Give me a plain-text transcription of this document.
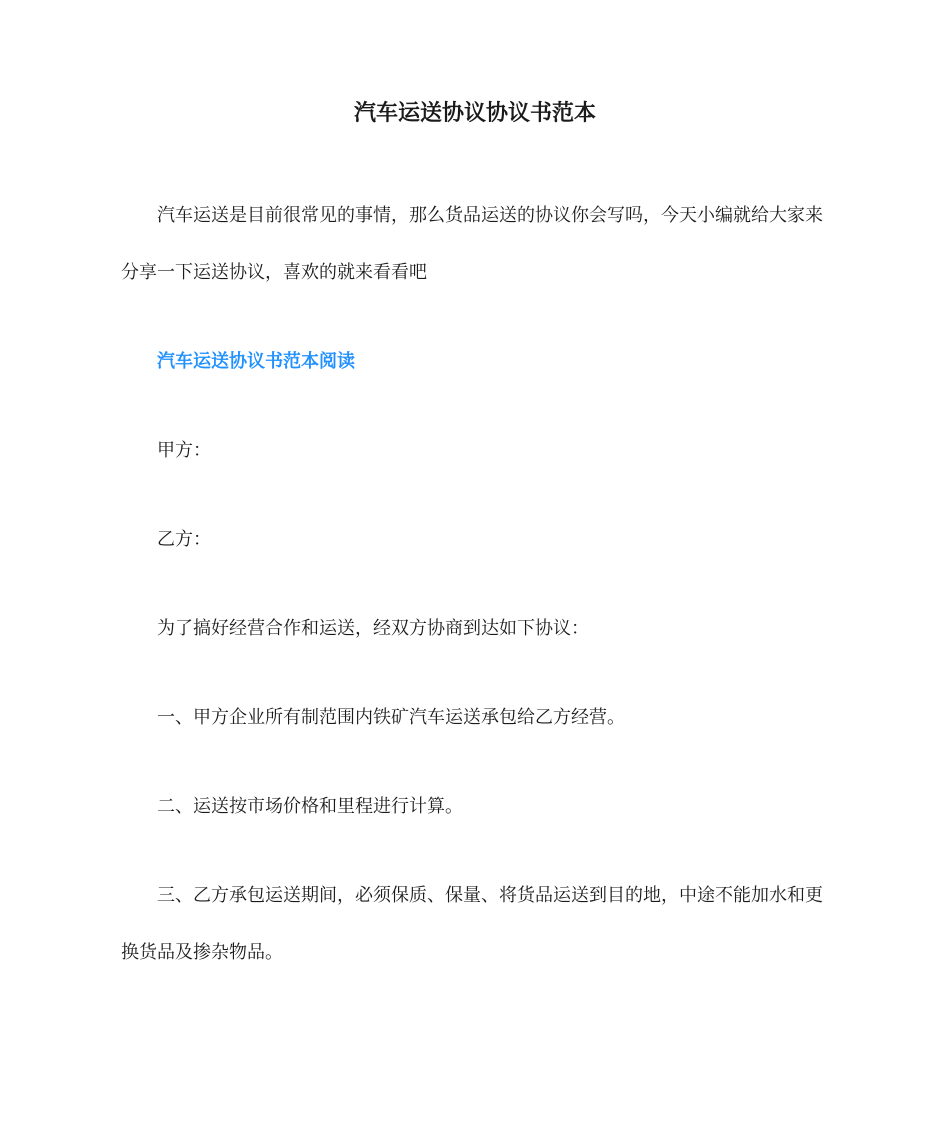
汽车运送协议协议书范本
汽车运送是目前很常见的事情，那么货品运送的协议你会写吗，今天小编就给大家来分享一下运送协议，喜欢的就来看看吧
汽车运送协议书范本阅读
甲方：
乙方：
为了搞好经营合作和运送，经双方协商到达如下协议：
一、甲方企业所有制范围内铁矿汽车运送承包给乙方经营。
二、运送按市场价格和里程进行计算。
三、乙方承包运送期间，必须保质、保量、将货品运送到目的地，中途不能加水和更换货品及掺杂物品。
